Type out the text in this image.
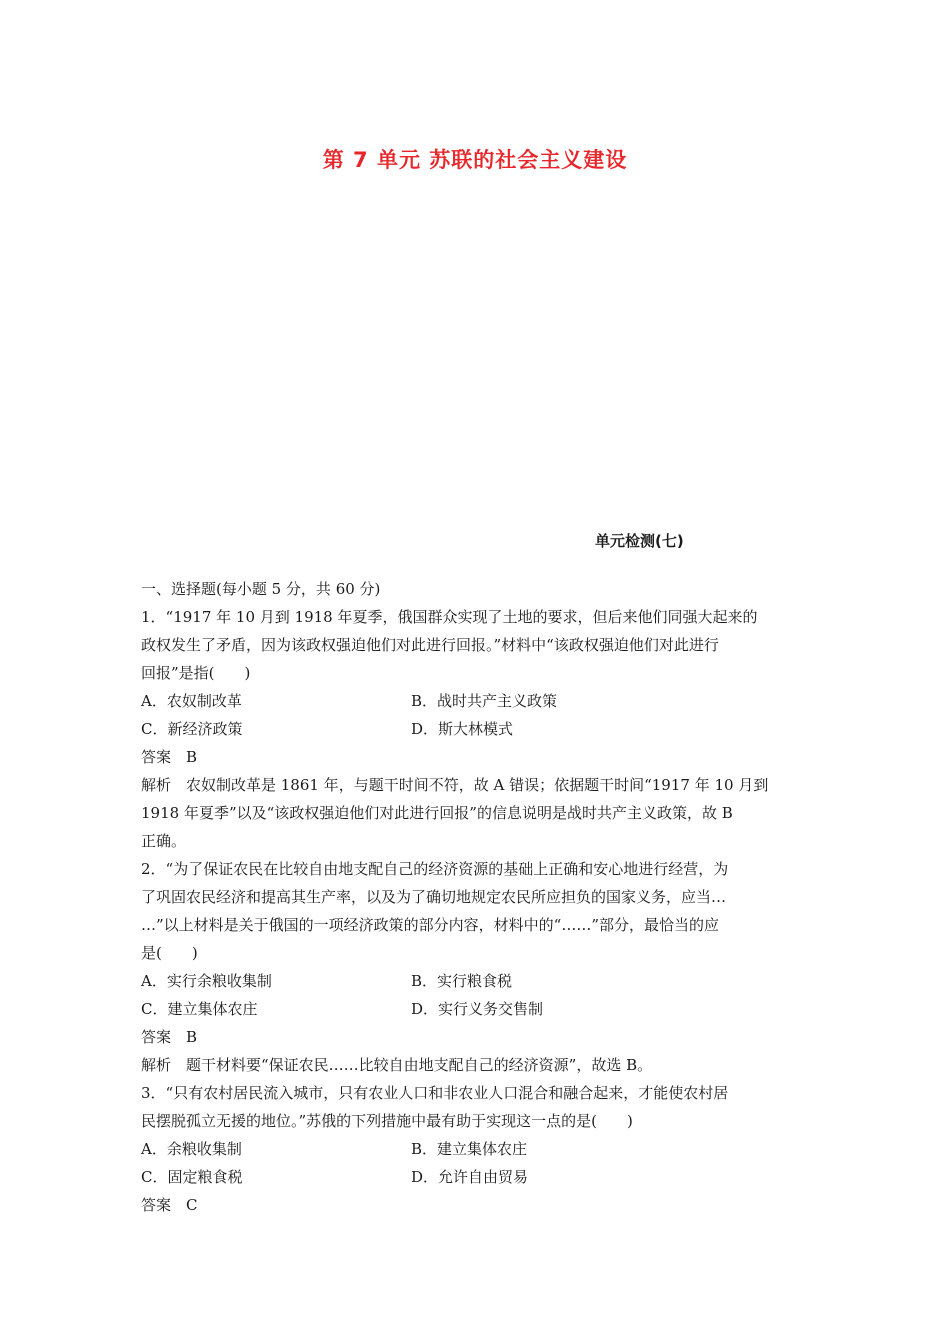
第 7 单元 苏联的社会主义建设
单元检测(七)
一、选择题(每小题 5 分，共 60 分)
1．“1917 年 10 月到 1918 年夏季，俄国群众实现了土地的要求，但后来他们同强大起来的
政权发生了矛盾，因为该政权强迫他们对此进行回报。”材料中“该政权强迫他们对此进行
回报”是指(　　)
A．农奴制改革	B．战时共产主义政策
C．新经济政策	D．斯大林模式
答案　B
解析　农奴制改革是 1861 年，与题干时间不符，故 A 错误；依据题干时间“1917 年 10 月到
1918 年夏季”以及“该政权强迫他们对此进行回报”的信息说明是战时共产主义政策，故 B
正确。
2．“为了保证农民在比较自由地支配自己的经济资源的基础上正确和安心地进行经营，为
了巩固农民经济和提高其生产率，以及为了确切地规定农民所应担负的国家义务，应当…
…”以上材料是关于俄国的一项经济政策的部分内容，材料中的“……”部分，最恰当的应
是(　　)
A．实行余粮收集制	B．实行粮食税
C．建立集体农庄	D．实行义务交售制
答案　B
解析　题干材料要“保证农民……比较自由地支配自己的经济资源”，故选 B。
3．“只有农村居民流入城市，只有农业人口和非农业人口混合和融合起来，才能使农村居
民摆脱孤立无援的地位。”苏俄的下列措施中最有助于实现这一点的是(　　)
A．余粮收集制	B．建立集体农庄
C．固定粮食税	D．允许自由贸易
答案　C
